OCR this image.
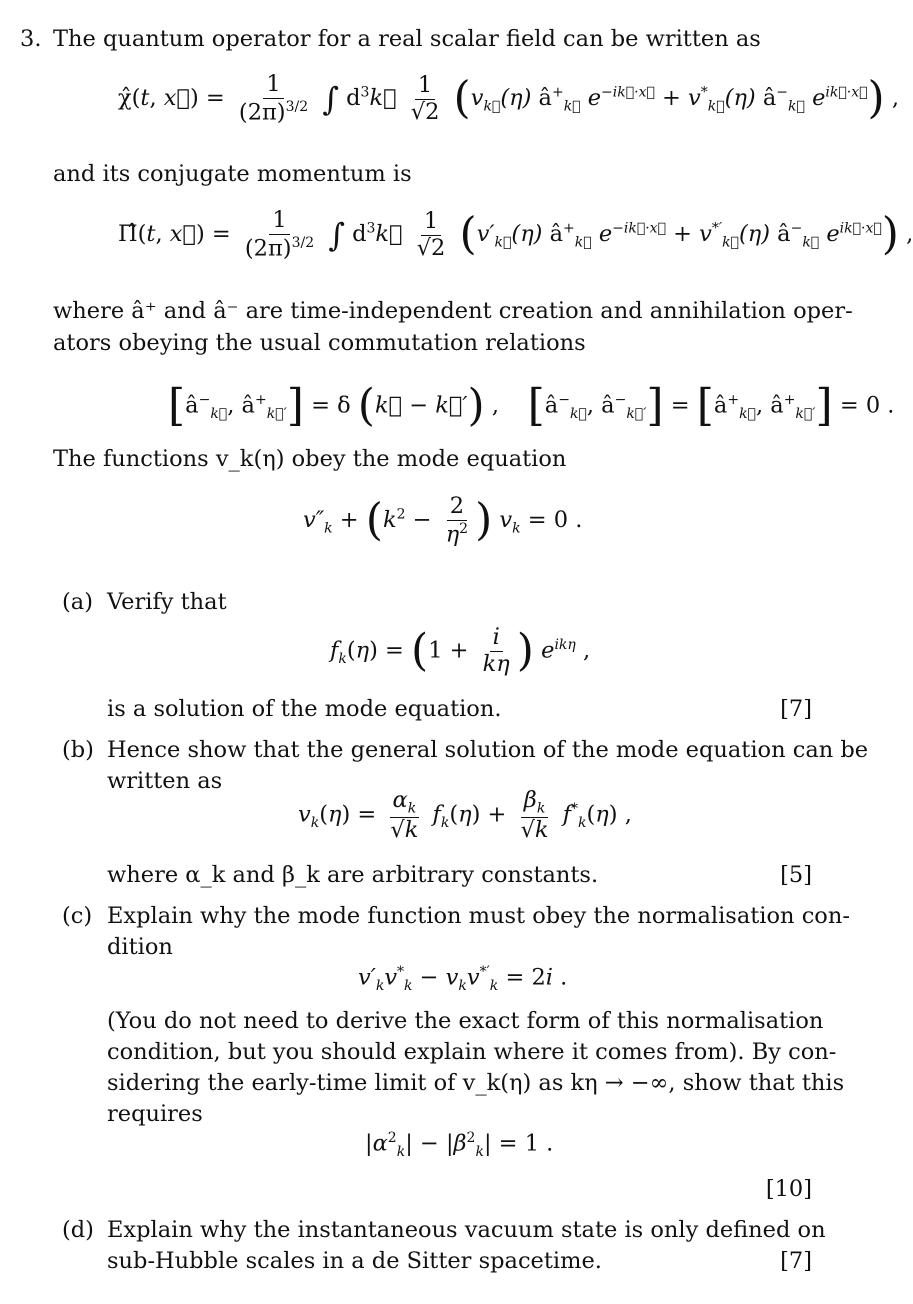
3. The quantum operator for a real scalar field can be written as
χ̂(t, x⃗) = $\frac{1}{(2\pi)^{3/2}}$ ∫ $d^3k⃗ \frac{1}{√2} (v_{k⃗}(\eta)$ $â^+_{k⃗}$ $e^{-ik⃗\cdot x⃗} + v^*_{k⃗}(\eta)$ $â^-_{k⃗}$ $e^{ik⃗\cdot x⃗}$) ,
and its conjugate momentum is
Π̂(t, x⃗) = $\frac{1}{(2\pi)^{3/2}}$ ∫ $d^3k⃗ \frac{1}{√2} (v'_{k⃗}(\eta)$ $â^+_{k⃗}$ $e^{-ik⃗\cdot x⃗} + v^{*'}_{k⃗}(\eta)$ $â^-_{k⃗}$ $e^{ik⃗\cdot x⃗}$) ,
where â⁺ and â⁻ are time-independent creation and annihilation oper-
ators obeying the usual commutation relations
[$â^-_{k⃗}$, $â^+_{k⃗'}] = \delta$ (k⃗ − k⃗′) ,    [$â^-_{k⃗}$, $â^-_{k⃗'}$] = [$â^+_{k⃗}$, $â^+_{k⃗'}] = 0$ .
The functions v_k(η) obey the mode equation
$v''_k + (k^2 - \frac{2}{\eta^2}$ ) $v_k = 0$ .
(a) Verify that
$f_k(\eta) = (1 + \frac{i}{k\eta}$ ) $e^{ik\eta}$ ,
is a solution of the mode equation.	[7]
(b) Hence show that the general solution of the mode equation can be
written as
$v_k(\eta) = \frac{\alpha_k}{√k} f_k(\eta) + \frac{\beta_k}{√k} f^*_k(\eta)$ ,
where α_k and β_k are arbitrary constants.	[5]
(c) Explain why the mode function must obey the normalisation con-
dition
$v'_kv^*_k - v_kv^{*'}_k = 2i$ .
(You do not need to derive the exact form of this normalisation
condition, but you should explain where it comes from). By con-
sidering the early-time limit of v_k(η) as kη → −∞, show that this
requires
$|\alpha^2_k| - |\beta^2_k| = 1$ .
[10]
(d) Explain why the instantaneous vacuum state is only defined on
sub-Hubble scales in a de Sitter spacetime.	[7]
